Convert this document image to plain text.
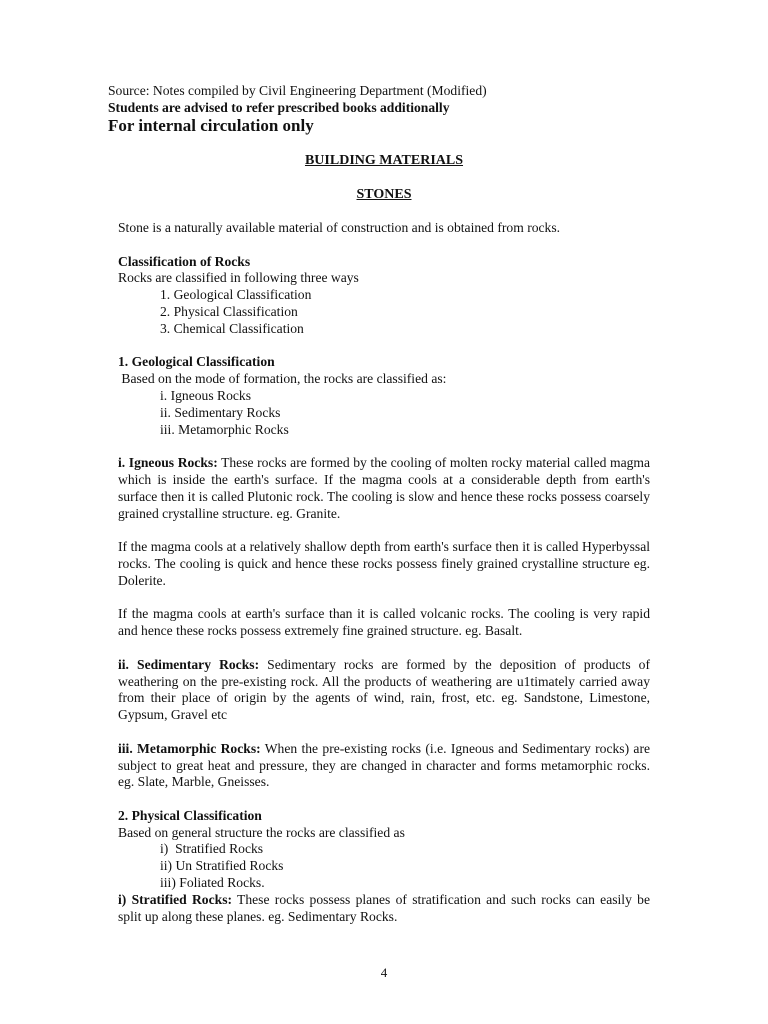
Source: Notes compiled by Civil Engineering Department (Modified)
Students are advised to refer prescribed books additionally
For internal circulation only
BUILDING MATERIALS
STONES

Stone is a naturally available material of construction and is obtained from rocks.

Classification of Rocks

Rocks are classified in following three ways

1. Geological Classification

2. Physical Classification

3. Chemical Classification

1. Geological Classification

Based on the mode of formation, the rocks are classified as:

i. Igneous Rocks

ii. Sedimentary Rocks

iii. Metamorphic Rocks

i. Igneous Rocks: These rocks are formed by the cooling of molten rocky material called magma which is inside the earth's surface. If the magma cools at a considerable depth from earth's surface then it is called Plutonic rock. The cooling is slow and hence these rocks possess coarsely grained crystalline structure. eg. Granite.

If the magma cools at a relatively shallow depth from earth's surface then it is called Hyperbyssal rocks. The cooling is quick and hence these rocks possess finely grained crystalline structure eg. Dolerite.

If the magma cools at earth's surface than it is called volcanic rocks. The cooling is very rapid and hence these rocks possess extremely fine grained structure. eg. Basalt.

ii. Sedimentary Rocks: Sedimentary rocks are formed by the deposition of products of weathering on the pre-existing rock. All the products of weathering are u1timately carried away from their place of origin by the agents of wind, rain, frost, etc. eg. Sandstone, Limestone, Gypsum, Gravel etc

iii. Metamorphic Rocks: When the pre-existing rocks (i.e. Igneous and Sedimentary rocks) are subject to great heat and pressure, they are changed in character and forms metamorphic rocks. eg. Slate, Marble, Gneisses.

2. Physical Classification

Based on general structure the rocks are classified as

i)  Stratified Rocks

ii) Un Stratified Rocks

iii) Foliated Rocks.

i) Stratified Rocks: These rocks possess planes of stratification and such rocks can easily be split up along these planes. eg. Sedimentary Rocks.

4
